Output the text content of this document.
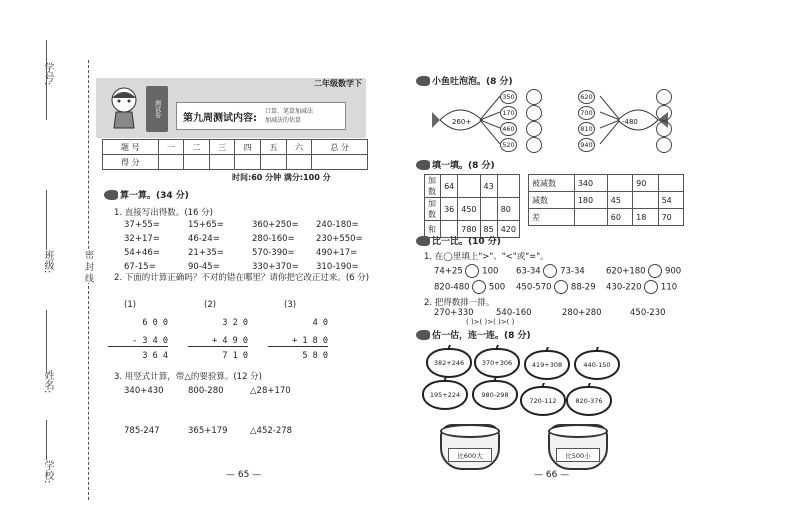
学号:
班级:
姓名:
学校:
密 封 线
二年级数学下
测试卷	第九周测试内容:
口算、笔算加减法
加减法的估算
题 号	一	二	三	四	五	六	总 分
得 分							
时间:60 分钟 满分:100 分
算一算。(34 分)
1. 直接写出得数。(16 分)
37+55=	15+65=	360+250=	240-180=
32+17=	46-24=	280-160=	230+550=
54+46=	21+35=	570-390=	490+17=
67-15=	90-45=	330+370=	310-190=
2. 下面的计算正确吗？不对的错在哪里？请你把它改正过来。(6 分)
(1)	(2)	(3)
6 0 0
- 3 4 0
3 6 4
3 2 0
+ 4 9 0
7 1 0
4 0
+ 1 8 0
5 8 0
3. 用竖式计算，带△的要验算。(12 分)
340+430	800-280	△28+170
785-247	365+179	△452-278
— 65 —
小鱼吐泡泡。(8 分)
260+
350
170
460
520
-480
620
700
810
940
填一填。(8 分)
加数	64		43	
加数	36	450		80
和		780	85	420
被减数	340		90	
减数	180	45		54
差		60	18	70
比一比。(10 分)
1. 在◯里填上">"、"<"或"="。
74+25 100 63-34 73-34 620+180 900
820-480 500 450-570 88-29 430-220 110
2. 把得数排一排。
270+330	540-160	280+280	450-230
( )>( )>( )>( )
估一估，连一连。(8 分)
382+246	370+306	419+308	440-150
195+224	980-298
720-112	820-376
比600大	比500小
— 66 —
